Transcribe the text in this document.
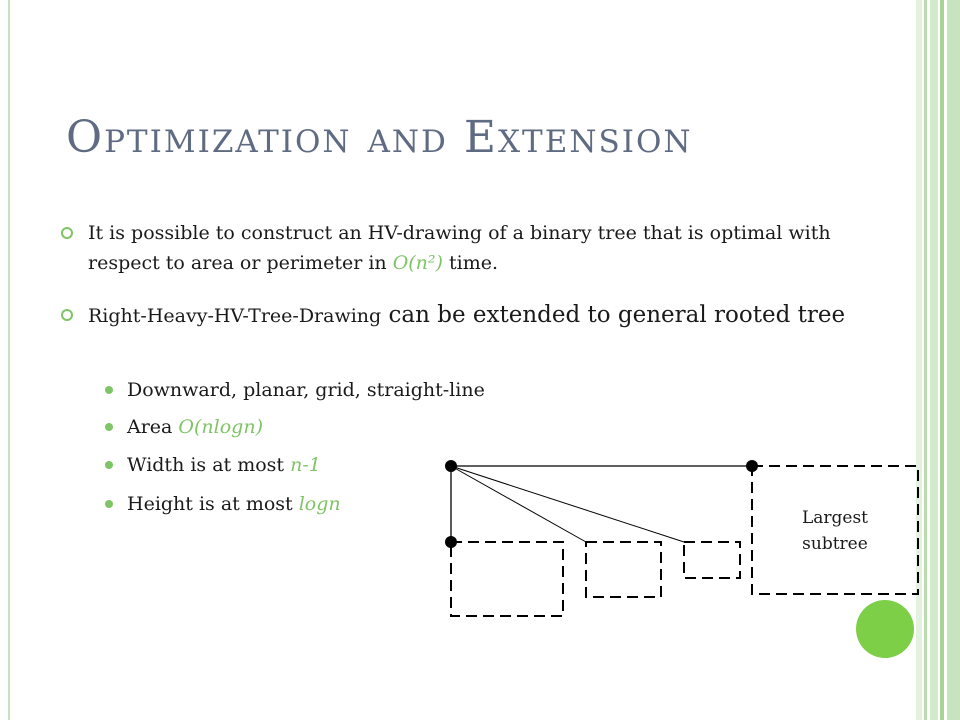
Optimization and Extension
It is possible to construct an HV-drawing of a binary tree that is optimal with respect to area or perimeter in O(n²) time.
Right-Heavy-HV-Tree-Drawing can be extended to general rooted tree
Downward, planar, grid, straight-line
Area O(nlogn)
Width is at most n-1
Height is at most logn
Largest
subtree
